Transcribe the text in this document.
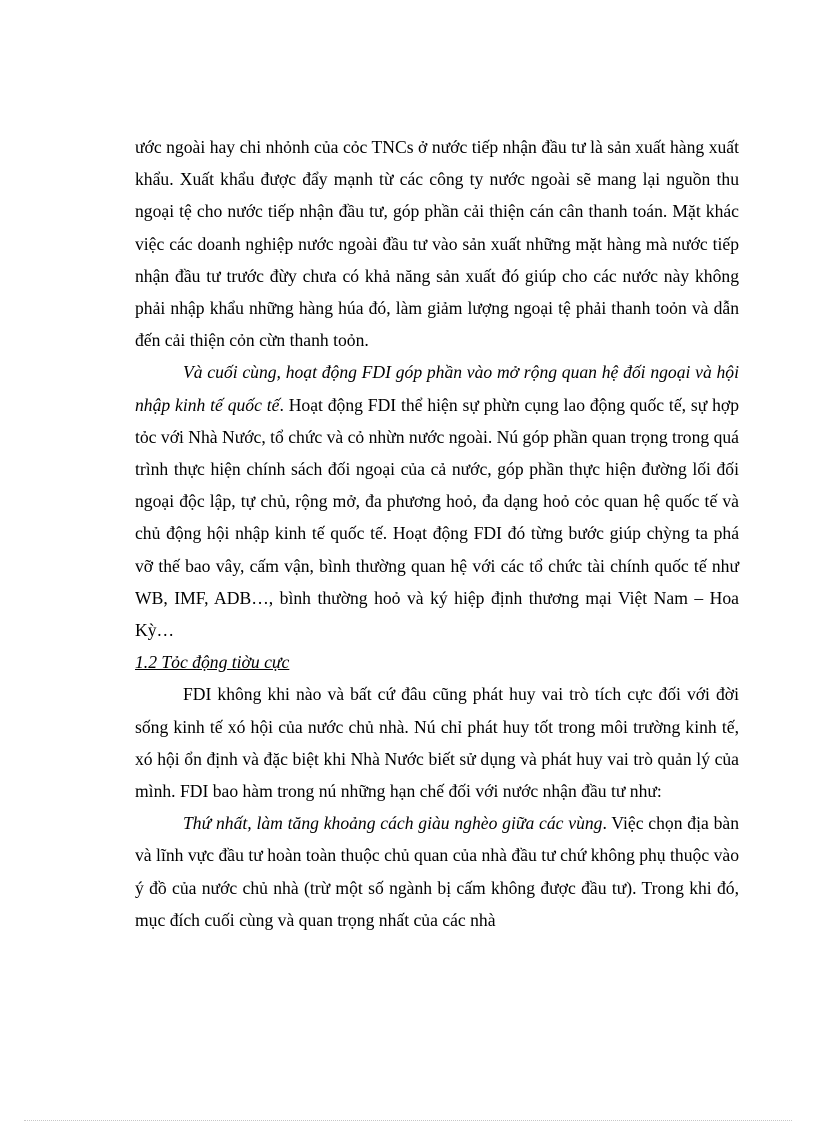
ước ngoài hay chi nhỏnh của cỏc TNCs ở nước tiếp nhận đầu tư là sản xuất hàng xuất khẩu. Xuất khẩu được đẩy mạnh từ các công ty nước ngoài sẽ mang lại nguồn thu ngoại tệ cho nước tiếp nhận đầu tư, góp phần cải thiện cán cân thanh toán. Mặt khác việc các doanh nghiệp nước ngoài đầu tư vào sản xuất những mặt hàng mà nước tiếp nhận đầu tư trước đừy chưa có khả năng sản xuất đó giúp cho các nước này không phải nhập khẩu những hàng húa đó, làm giảm lượng ngoại tệ phải thanh toỏn và dẫn đến cải thiện cỏn cừn thanh toỏn.

Và cuối cùng, hoạt động FDI góp phần vào mở rộng quan hệ đối ngoại và hội nhập kinh tế quốc tế. Hoạt động FDI thể hiện sự phừn cụng lao động quốc tế, sự hợp tỏc với Nhà Nước, tổ chức và cỏ nhừn nước ngoài. Nú góp phần quan trọng trong quá trình thực hiện chính sách đối ngoại của cả nước, góp phần thực hiện đường lối đối ngoại độc lập, tự chủ, rộng mở, đa phương hoỏ, đa dạng hoỏ cỏc quan hệ quốc tế và chủ động hội nhập kinh tế quốc tế. Hoạt động FDI đó từng bước giúp chỳng ta phá vỡ thế bao vây, cấm vận, bình thường quan hệ với các tổ chức tài chính quốc tế như WB, IMF, ADB…, bình thường hoỏ và ký hiệp định thương mại Việt Nam – Hoa Kỳ…

1.2 Tỏc động tiờu cực

FDI không khi nào và bất cứ đâu cũng phát huy vai trò tích cực đối với đời sống kinh tế xó hội của nước chủ nhà. Nú chỉ phát huy tốt trong môi trường kinh tế, xó hội ổn định và đặc biệt khi Nhà Nước biết sử dụng và phát huy vai trò quản lý của mình. FDI bao hàm trong nú những hạn chế đối với nước nhận đầu tư như:

Thứ nhất, làm tăng khoảng cách giàu nghèo giữa các vùng. Việc chọn địa bàn và lĩnh vực đầu tư hoàn toàn thuộc chủ quan của nhà đầu tư chứ không phụ thuộc vào ý đồ của nước chủ nhà (trừ một số ngành bị cấm không được đầu tư). Trong khi đó, mục đích cuối cùng và quan trọng nhất của các nhà
